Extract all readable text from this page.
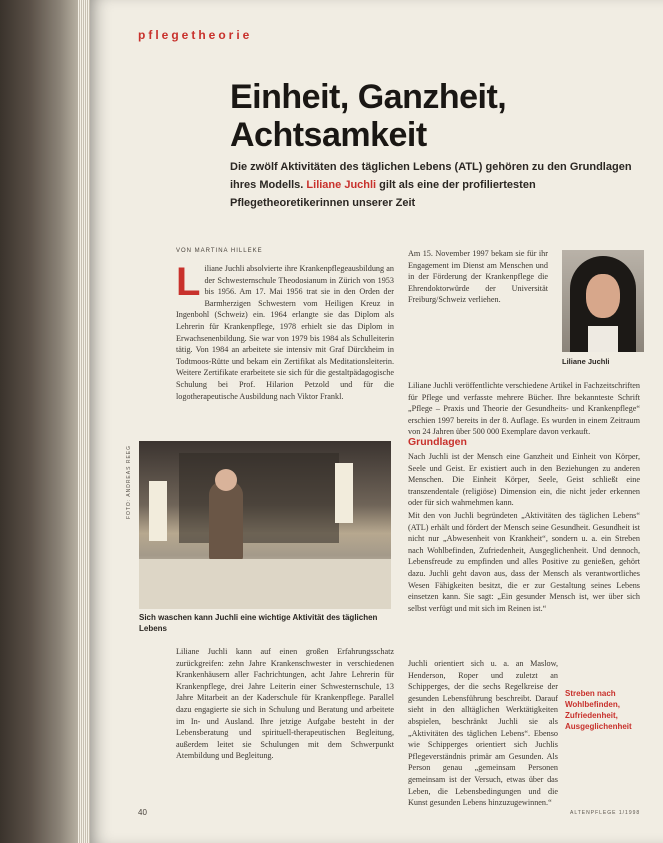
pflegetheorie
Einheit, Ganzheit, Achtsamkeit
Die zwölf Aktivitäten des täglichen Lebens (ATL) gehören zu den Grundlagen ihres Modells. Liliane Juchli gilt als eine der profiliertesten Pflegetheoretikerinnen unserer Zeit
VON MARTINA HILLEKE
L iliane Juchli absolvierte ihre Krankenpflegeausbildung an der Schwesternschule Theodosianum in Zürich von 1953 bis 1956. Am 17. Mai 1956 trat sie in den Orden der Barmherzigen Schwestern vom Heiligen Kreuz in Ingenbohl (Schweiz) ein. 1964 erlangte sie das Diplom als Lehrerin für Krankenpflege, 1978 erhielt sie das Diplom in Erwachsenenbildung. Sie war von 1979 bis 1984 als Schulleiterin tätig. Von 1984 an arbeitete sie intensiv mit Graf Dürckheim in Todtmoos-Rütte und bekam ein Zertifikat als Meditationsleiterin. Weitere Zertifikate erarbeitete sie sich für die gestaltpädagogische Schulung bei Prof. Hilarion Petzold und für die logotherapeutische Ausbildung nach Viktor Frankl.
FOTO: ANDREAS REEG
Sich waschen kann Juchli eine wichtige Aktivität des täglichen Lebens
Liliane Juchli kann auf einen großen Erfahrungsschatz zurückgreifen: zehn Jahre Krankenschwester in verschiedenen Krankenhäusern aller Fachrichtungen, acht Jahre Lehrerin für Krankenpflege, drei Jahre Leiterin einer Schwesternschule, 13 Jahre Mitarbeit an der Kaderschule für Krankenpflege. Parallel dazu engagierte sie sich in Schulung und Beratung und arbeitete im In- und Ausland. Ihre jetzige Aufgabe besteht in der Lebensberatung und spirituell-therapeutischen Begleitung, außerdem leitet sie Schulungen mit dem Schwerpunkt Atembildung und Begleitung.
Am 15. November 1997 bekam sie für ihr Engagement im Dienst am Menschen und in der Förderung der Krankenpflege die Ehrendoktorwürde der Universität Freiburg/Schweiz verliehen.
Liliane Juchli
Liliane Juchli veröffentlichte verschiedene Artikel in Fachzeitschriften für Pflege und verfasste mehrere Bücher. Ihre bekannteste Schrift „Pflege – Praxis und Theorie der Gesundheits- und Krankenpflege“ erschien 1997 bereits in der 8. Auflage. Es wurden in einem Zeitraum von 24 Jahren über 500 000 Exemplare davon verkauft.
Grundlagen

Nach Juchli ist der Mensch eine Ganzheit und Einheit von Körper, Seele und Geist. Er existiert auch in den Beziehungen zu anderen Menschen. Die Einheit Körper, Seele, Geist schließt eine transzendentale (religiöse) Dimension ein, die nicht jeder erkennen oder für sich wahrnehmen kann.

Mit den von Juchli begründeten „Aktivitäten des täglichen Lebens“ (ATL) erhält und fördert der Mensch seine Gesundheit. Gesundheit ist nicht nur „Abwesenheit von Krankheit“, sondern u. a. ein Streben nach Wohlbefinden, Zufriedenheit, Ausgeglichenheit. Und dennoch, Lebensfreude zu empfinden und alles Positive zu genießen, gehört dazu. Juchli geht davon aus, dass der Mensch als verantwortliches Wesen Fähigkeiten besitzt, die er zur Gestaltung seines Lebens einsetzen kann. Sie sagt: „Ein gesunder Mensch ist, wer über sich selbst verfügt und mit sich im Reinen ist.“

Juchli orientiert sich u. a. an Maslow, Henderson, Roper und zuletzt an Schipperges, der die sechs Regelkreise der gesunden Lebensführung beschreibt. Darauf sieht in den alltäglichen Werktätigkeiten abspielen, beschränkt Juchli sie als „Aktivitäten des täglichen Lebens“. Ebenso wie Schipperges orientiert sich Juchlis Pflegeverständnis primär am Gesunden. Als Person genau „gemeinsam Personen gemeinsam ist der Versuch, etwas über das Leben, die Lebensbedingungen und die Kunst gesunden Lebens hinzuzugewinnen.“
Streben nach Wohlbefinden, Zufriedenheit, Ausgeglichenheit
40	ALTENPFLEGE 1/1998
